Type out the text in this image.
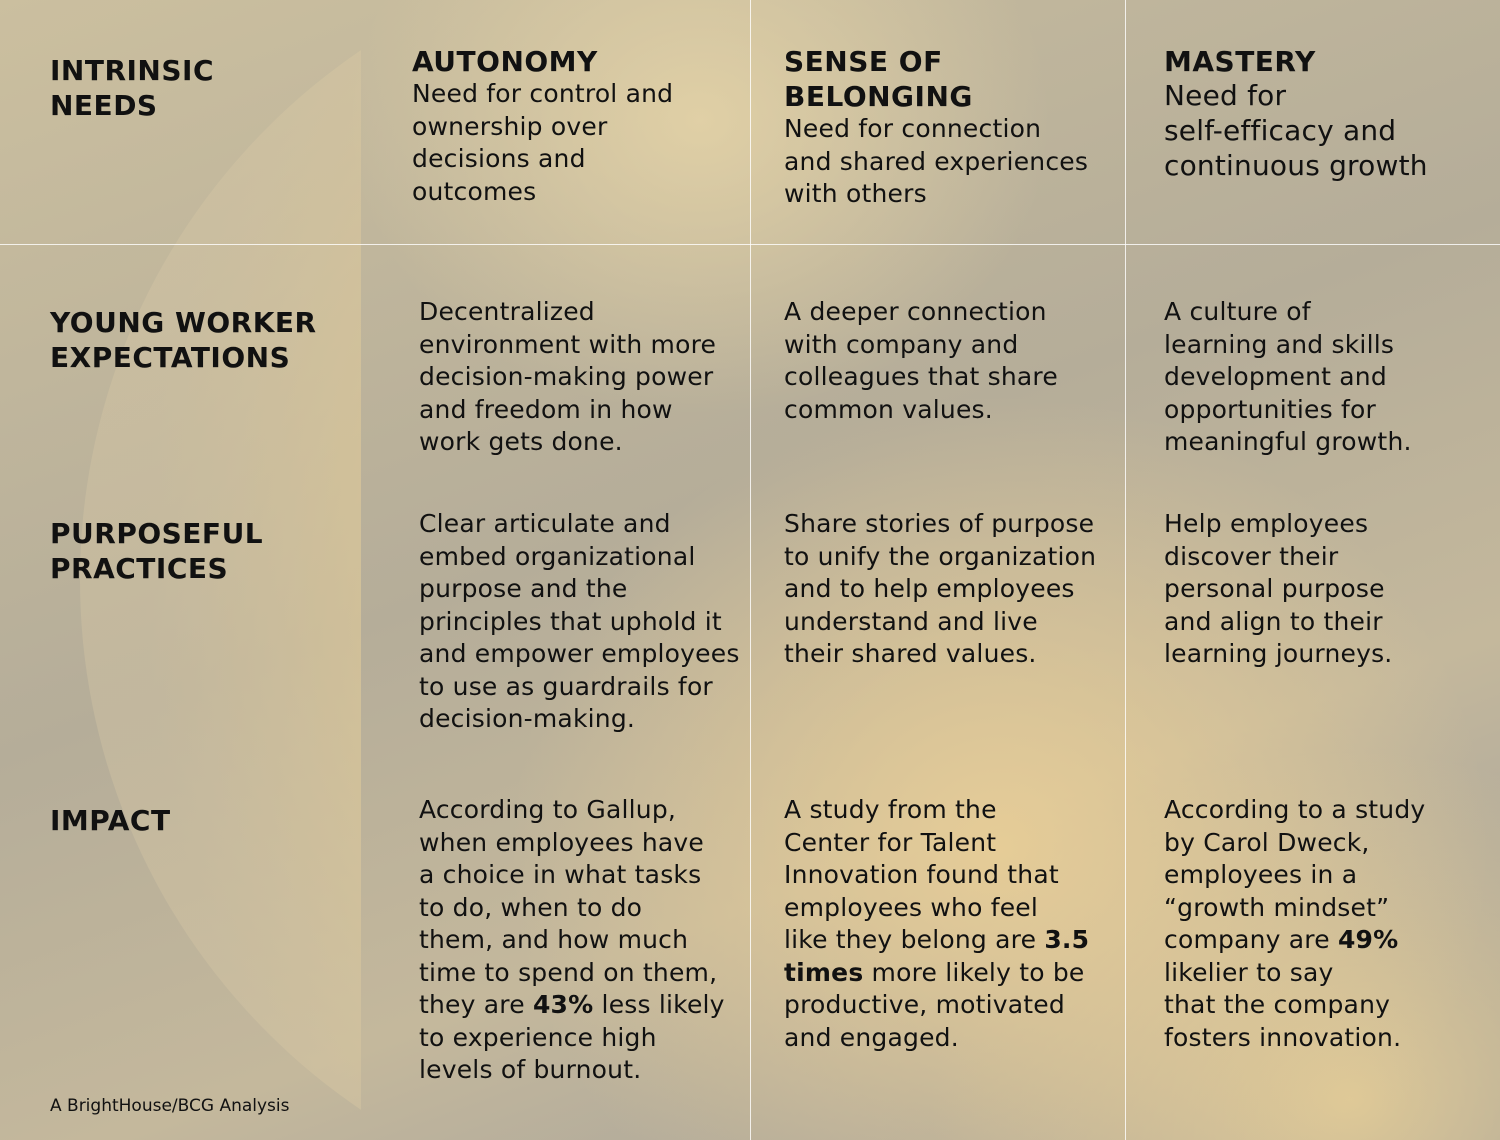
INTRINSIC
NEEDS
YOUNG WORKER
EXPECTATIONS
PURPOSEFUL
PRACTICES
IMPACT
AUTONOMY
Need for control and
ownership over
decisions and
outcomes
Decentralized
environment with more
decision-making power
and freedom in how
work gets done.
Clear articulate and
embed organizational
purpose and the
principles that uphold it
and empower employees
to use as guardrails for
decision-making.
According to Gallup,
when employees have
a choice in what tasks
to do, when to do
them, and how much
time to spend on them,
they are 43% less likely
to experience high
levels of burnout.
SENSE OF
BELONGING
Need for connection
and shared experiences
with others
A deeper connection
with company and
colleagues that share
common values.
Share stories of purpose
to unify the organization
and to help employees
understand and live
their shared values.
A study from the
Center for Talent
Innovation found that
employees who feel
like they belong are 3.5
times more likely to be
productive, motivated
and engaged.
MASTERY
Need for
self-efficacy and
continuous growth
A culture of
learning and skills
development and
opportunities for
meaningful growth.
Help employees
discover their
personal purpose
and align to their
learning journeys.
According to a study
by Carol Dweck,
employees in a
“growth mindset”
company are 49%
likelier to say
that the company
fosters innovation.
A BrightHouse/BCG Analysis
